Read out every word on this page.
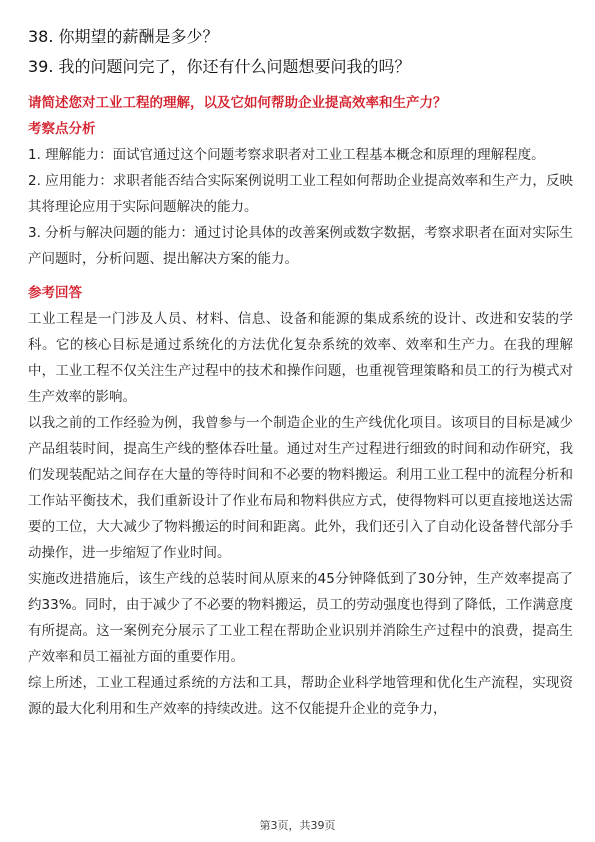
38. 你期望的薪酬是多少？
39. 我的问题问完了，你还有什么问题想要问我的吗？
请简述您对工业工程的理解，以及它如何帮助企业提高效率和生产力？
考察点分析

1. 理解能力：面试官通过这个问题考察求职者对工业工程基本概念和原理的理解程度。

2. 应用能力：求职者能否结合实际案例说明工业工程如何帮助企业提高效率和生产力，反映其将理论应用于实际问题解决的能力。

3. 分析与解决问题的能力：通过讨论具体的改善案例或数字数据，考察求职者在面对实际生产问题时，分析问题、提出解决方案的能力。

参考回答

工业工程是一门涉及人员、材料、信息、设备和能源的集成系统的设计、改进和安装的学科。它的核心目标是通过系统化的方法优化复杂系统的效率、效率和生产力。在我的理解中，工业工程不仅关注生产过程中的技术和操作问题，也重视管理策略和员工的行为模式对生产效率的影响。

以我之前的工作经验为例，我曾参与一个制造企业的生产线优化项目。该项目的目标是减少产品组装时间，提高生产线的整体吞吐量。通过对生产过程进行细致的时间和动作研究，我们发现装配站之间存在大量的等待时间和不必要的物料搬运。利用工业工程中的流程分析和工作站平衡技术，我们重新设计了作业布局和物料供应方式，使得物料可以更直接地送达需要的工位，大大减少了物料搬运的时间和距离。此外，我们还引入了自动化设备替代部分手动操作，进一步缩短了作业时间。

实施改进措施后，该生产线的总装时间从原来的45分钟降低到了30分钟，生产效率提高了约33%。同时，由于减少了不必要的物料搬运，员工的劳动强度也得到了降低，工作满意度有所提高。这一案例充分展示了工业工程在帮助企业识别并消除生产过程中的浪费，提高生产效率和员工福祉方面的重要作用。

综上所述，工业工程通过系统的方法和工具，帮助企业科学地管理和优化生产流程，实现资源的最大化利用和生产效率的持续改进。这不仅能提升企业的竞争力，

第3页，共39页
